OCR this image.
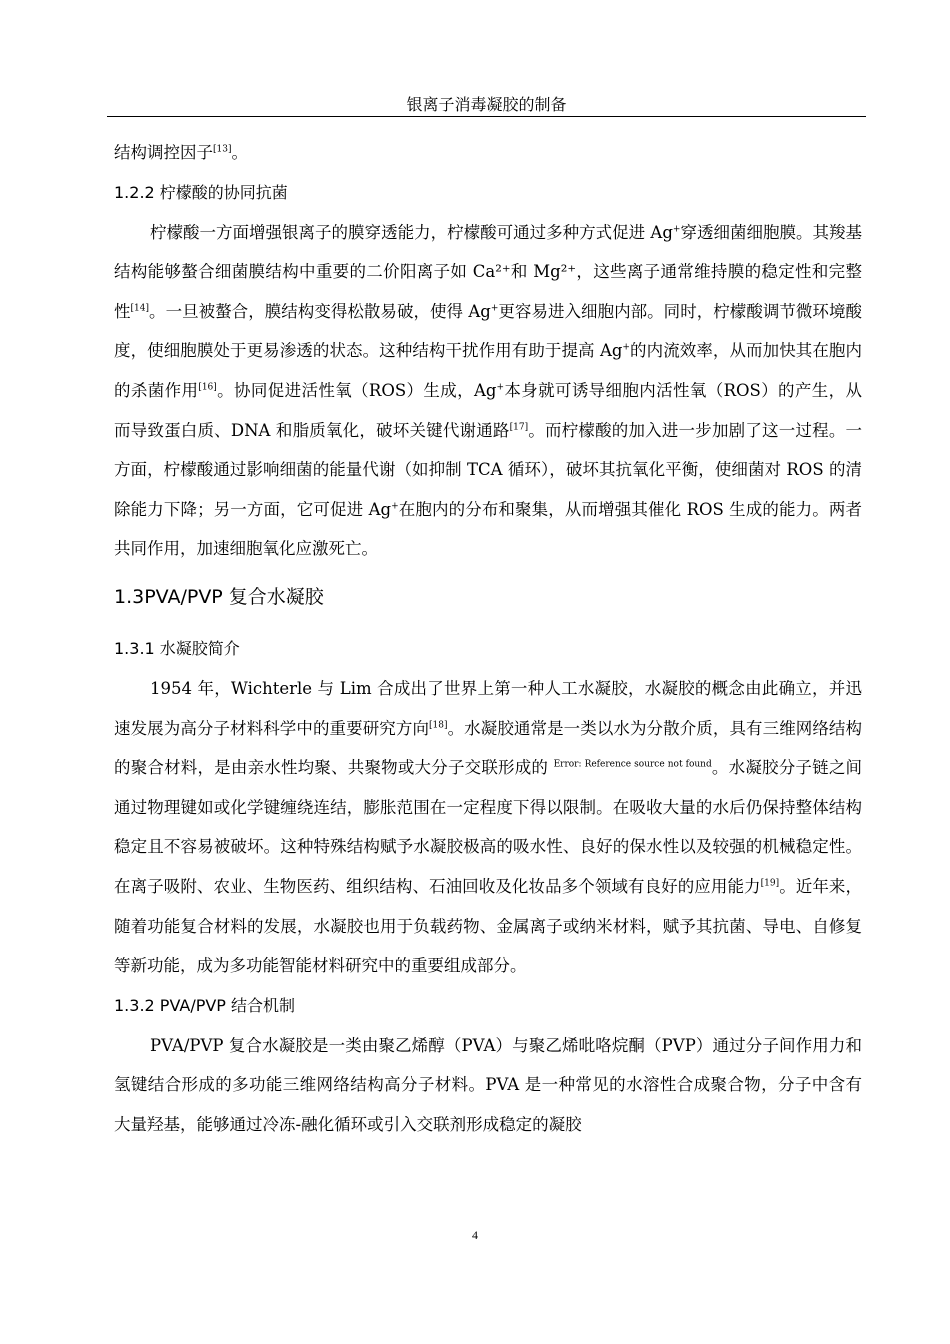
银离子消毒凝胶的制备

结构调控因子[13]。

1.2.2 柠檬酸的协同抗菌

柠檬酸一方面增强银离子的膜穿透能力，柠檬酸可通过多种方式促进 Ag+穿透细菌细胞膜。其羧基结构能够螯合细菌膜结构中重要的二价阳离子如 Ca²⁺和 Mg²⁺，这些离子通常维持膜的稳定性和完整性[14]。一旦被螯合，膜结构变得松散易破，使得 Ag+更容易进入细胞内部。同时，柠檬酸调节微环境酸度，使细胞膜处于更易渗透的状态。这种结构干扰作用有助于提高 Ag+的内流效率，从而加快其在胞内的杀菌作用[16]。协同促进活性氧（ROS）生成，Ag+本身就可诱导细胞内活性氧（ROS）的产生，从而导致蛋白质、DNA 和脂质氧化，破坏关键代谢通路[17]。而柠檬酸的加入进一步加剧了这一过程。一方面，柠檬酸通过影响细菌的能量代谢（如抑制 TCA 循环），破坏其抗氧化平衡，使细菌对 ROS 的清除能力下降；另一方面，它可促进 Ag+在胞内的分布和聚集，从而增强其催化 ROS 生成的能力。两者共同作用，加速细胞氧化应激死亡。

1.3PVA/PVP 复合水凝胶
1.3.1 水凝胶简介

1954 年，Wichterle 与 Lim 合成出了世界上第一种人工水凝胶，水凝胶的概念由此确立，并迅速发展为高分子材料科学中的重要研究方向[18]。水凝胶通常是一类以水为分散介质，具有三维网络结构的聚合材料，是由亲水性均聚、共聚物或大分子交联形成的 $^{Error: Reference source not found}$。水凝胶分子链之间通过物理键如或化学键缠绕连结，膨胀范围在一定程度下得以限制。在吸收大量的水后仍保持整体结构稳定且不容易被破坏。这种特殊结构赋予水凝胶极高的吸水性、良好的保水性以及较强的机械稳定性。在离子吸附、农业、生物医药、组织结构、石油回收及化妆品多个领域有良好的应用能力[19]。近年来，随着功能复合材料的发展，水凝胶也用于负载药物、金属离子或纳米材料，赋予其抗菌、导电、自修复等新功能，成为多功能智能材料研究中的重要组成部分。

1.3.2 PVA/PVP 结合机制

PVA/PVP 复合水凝胶是一类由聚乙烯醇（PVA）与聚乙烯吡咯烷酮（PVP）通过分子间作用力和氢键结合形成的多功能三维网络结构高分子材料。PVA 是一种常见的水溶性合成聚合物，分子中含有大量羟基，能够通过冷冻-融化循环或引入交联剂形成稳定的凝胶

4
